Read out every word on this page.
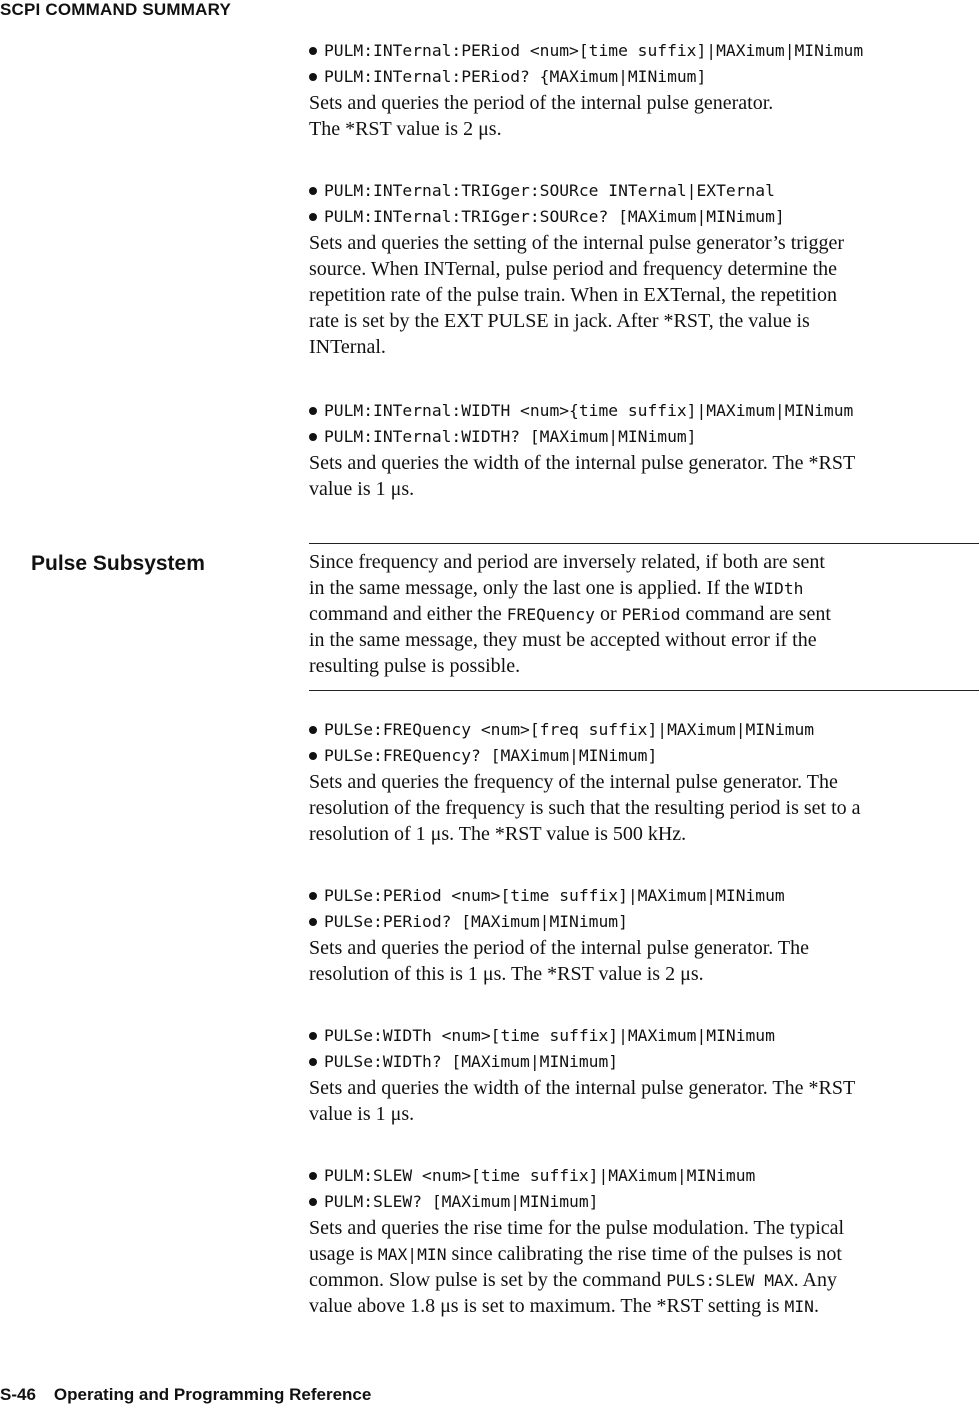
SCPI COMMAND SUMMARY
PULM:INTernal:PERiod <num>[time suffix]|MAXimum|MINimum
PULM:INTernal:PERiod? {MAXimum|MINimum]
Sets and queries the period of the internal pulse generator.
The *RST value is 2 μs.
PULM:INTernal:TRIGger:SOURce INTernal|EXTernal
PULM:INTernal:TRIGger:SOURce? [MAXimum|MINimum]
Sets and queries the setting of the internal pulse generator’s trigger
source. When INTernal, pulse period and frequency determine the
repetition rate of the pulse train. When in EXTernal, the repetition
rate is set by the EXT PULSE in jack. After *RST, the value is
INTernal.
PULM:INTernal:WIDTH <num>{time suffix]|MAXimum|MINimum
PULM:INTernal:WIDTH? [MAXimum|MINimum]
Sets and queries the width of the internal pulse generator. The *RST
value is 1 μs.
Pulse Subsystem	Since frequency and period are inversely related, if both are sent
in the same message, only the last one is applied. If the WIDth
command and either the FREQuency or PERiod command are sent
in the same message, they must be accepted without error if the
resulting pulse is possible.
PULSe:FREQuency <num>[freq suffix]|MAXimum|MINimum
PULSe:FREQuency? [MAXimum|MINimum]
Sets and queries the frequency of the internal pulse generator. The
resolution of the frequency is such that the resulting period is set to a
resolution of 1 μs. The *RST value is 500 kHz.
PULSe:PERiod <num>[time suffix]|MAXimum|MINimum
PULSe:PERiod? [MAXimum|MINimum]
Sets and queries the period of the internal pulse generator. The
resolution of this is 1 μs. The *RST value is 2 μs.
PULSe:WIDTh <num>[time suffix]|MAXimum|MINimum
PULSe:WIDTh? [MAXimum|MINimum]
Sets and queries the width of the internal pulse generator. The *RST
value is 1 μs.
PULM:SLEW <num>[time suffix]|MAXimum|MINimum
PULM:SLEW? [MAXimum|MINimum]
Sets and queries the rise time for the pulse modulation. The typical
usage is MAX|MIN since calibrating the rise time of the pulses is not
common. Slow pulse is set by the command PULS:SLEW MAX. Any
value above 1.8 μs is set to maximum. The *RST setting is MIN.
S-46 Operating and Programming Reference
